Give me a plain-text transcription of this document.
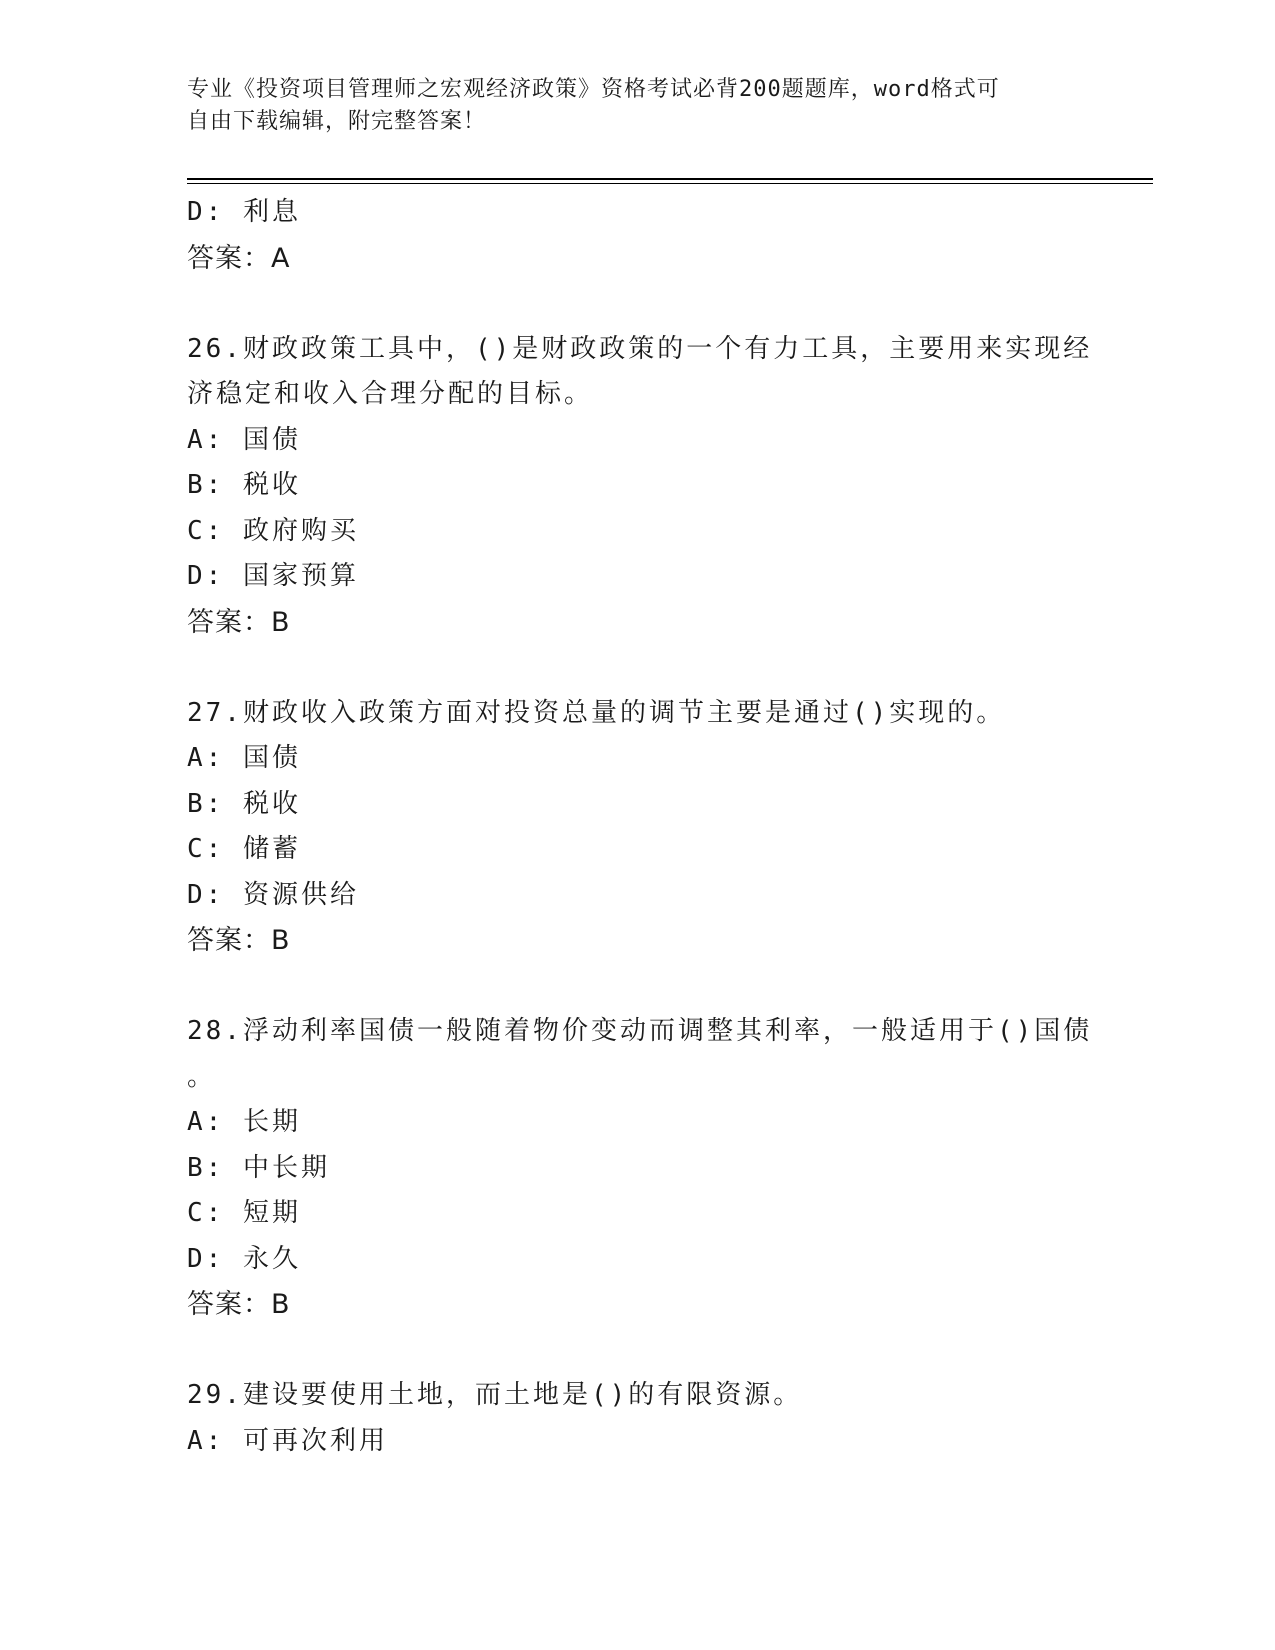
专业《投资项目管理师之宏观经济政策》资格考试必背200题题库，word格式可
自由下载编辑，附完整答案！
D: 利息
答案：A
26.财政政策工具中，()是财政政策的一个有力工具，主要用来实现经
济稳定和收入合理分配的目标。
A: 国债
B: 税收
C: 政府购买
D: 国家预算
答案：B
27.财政收入政策方面对投资总量的调节主要是通过()实现的。
A: 国债
B: 税收
C: 储蓄
D: 资源供给
答案：B
28.浮动利率国债一般随着物价变动而调整其利率，一般适用于()国债
。
A: 长期
B: 中长期
C: 短期
D: 永久
答案：B
29.建设要使用土地，而土地是()的有限资源。
A: 可再次利用
